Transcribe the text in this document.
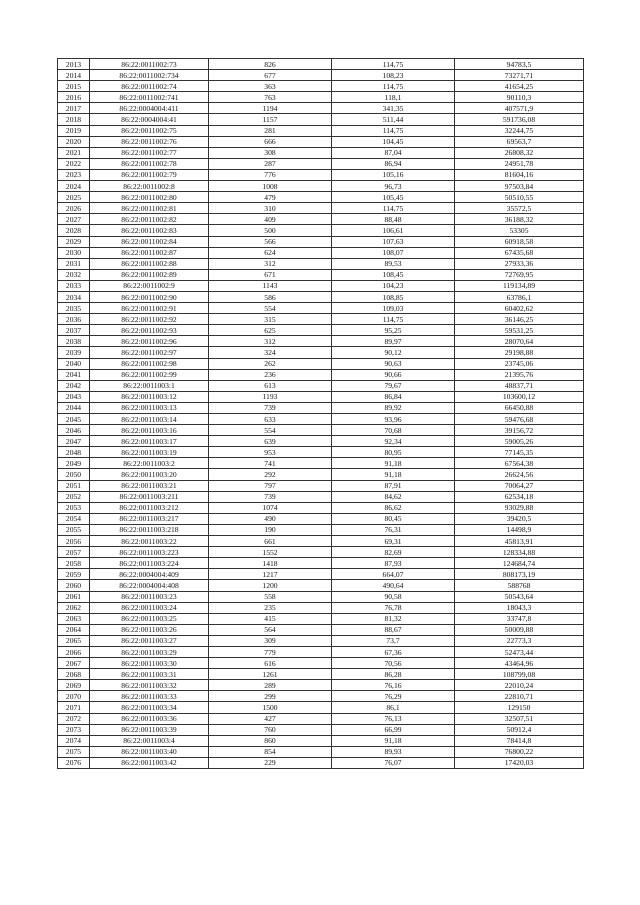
2013	86:22:0011002:73	826	114,75	94783,5
2014	86:22:0011002:734	677	108,23	73271,71
2015	86:22:0011002:74	363	114,75	41654,25
2016	86:22:0011002:741	763	118,1	90110,3
2017	86:22:0004004:411	1194	341,35	407571,9
2018	86:22:0004004:41	1157	511,44	591736,08
2019	86:22:0011002:75	281	114,75	32244,75
2020	86:22:0011002:76	666	104,45	69563,7
2021	86:22:0011002:77	308	87,04	26808,32
2022	86:22:0011002:78	287	86,94	24951,78
2023	86:22:0011002:79	776	105,16	81604,16
2024	86:22:0011002:8	1008	96,73	97503,84
2025	86:22:0011002:80	479	105,45	50510,55
2026	86:22:0011002:81	310	114,75	35572,5
2027	86:22:0011002:82	409	88,48	36188,32
2028	86:22:0011002:83	500	106,61	53305
2029	86:22:0011002:84	566	107,63	60918,58
2030	86:22:0011002:87	624	108,07	67435,68
2031	86:22:0011002:88	312	89,53	27933,36
2032	86:22:0011002:89	671	108,45	72769,95
2033	86:22:0011002:9	1143	104,23	119134,89
2034	86:22:0011002:90	586	108,85	63786,1
2035	86:22:0011002:91	554	109,03	60402,62
2036	86:22:0011002:92	315	114,75	36146,25
2037	86:22:0011002:93	625	95,25	59531,25
2038	86:22:0011002:96	312	89,97	28070,64
2039	86:22:0011002:97	324	90,12	29198,88
2040	86:22:0011002:98	262	90,63	23745,06
2041	86:22:0011002:99	236	90,66	21395,76
2042	86:22:0011003:1	613	79,67	48837,71
2043	86:22:0011003:12	1193	86,84	103600,12
2044	86:22:0011003:13	739	89,92	66450,88
2045	86:22:0011003:14	633	93,96	59476,68
2046	86:22:0011003:16	554	70,68	39156,72
2047	86:22:0011003:17	639	92,34	59005,26
2048	86:22:0011003:19	953	80,95	77145,35
2049	86:22:0011003:2	741	91,18	67564,38
2050	86:22:0011003:20	292	91,18	26624,56
2051	86:22:0011003:21	797	87,91	70064,27
2052	86:22:0011003:211	739	84,62	62534,18
2053	86:22:0011003:212	1074	86,62	93029,88
2054	86:22:0011003:217	490	80,45	39420,5
2055	86:22:0011003:218	190	76,31	14498,9
2056	86:22:0011003:22	661	69,31	45813,91
2057	86:22:0011003:223	1552	82,69	128334,88
2058	86:22:0011003:224	1418	87,93	124684,74
2059	86:22:0004004:409	1217	664,07	808173,19
2060	86:22:0004004:408	1200	490,64	588768
2061	86:22:0011003:23	558	90,58	50543,64
2062	86:22:0011003:24	235	76,78	18043,3
2063	86:22:0011003:25	415	81,32	33747,8
2064	86:22:0011003:26	564	88,67	50009,88
2065	86:22:0011003:27	309	73,7	22773,3
2066	86:22:0011003:29	779	67,36	52473,44
2067	86:22:0011003:30	616	70,56	43464,96
2068	86:22:0011003:31	1261	86,28	108799,08
2069	86:22:0011003:32	289	76,16	22010,24
2070	86:22:0011003:33	299	76,29	22810,71
2071	86:22:0011003:34	1500	86,1	129150
2072	86:22:0011003:36	427	76,13	32507,51
2073	86:22:0011003:39	760	66,99	50912,4
2074	86:22:0011003:4	860	91,18	78414,8
2075	86:22:0011003:40	854	89,93	76800,22
2076	86:22:0011003:42	229	76,07	17420,03
